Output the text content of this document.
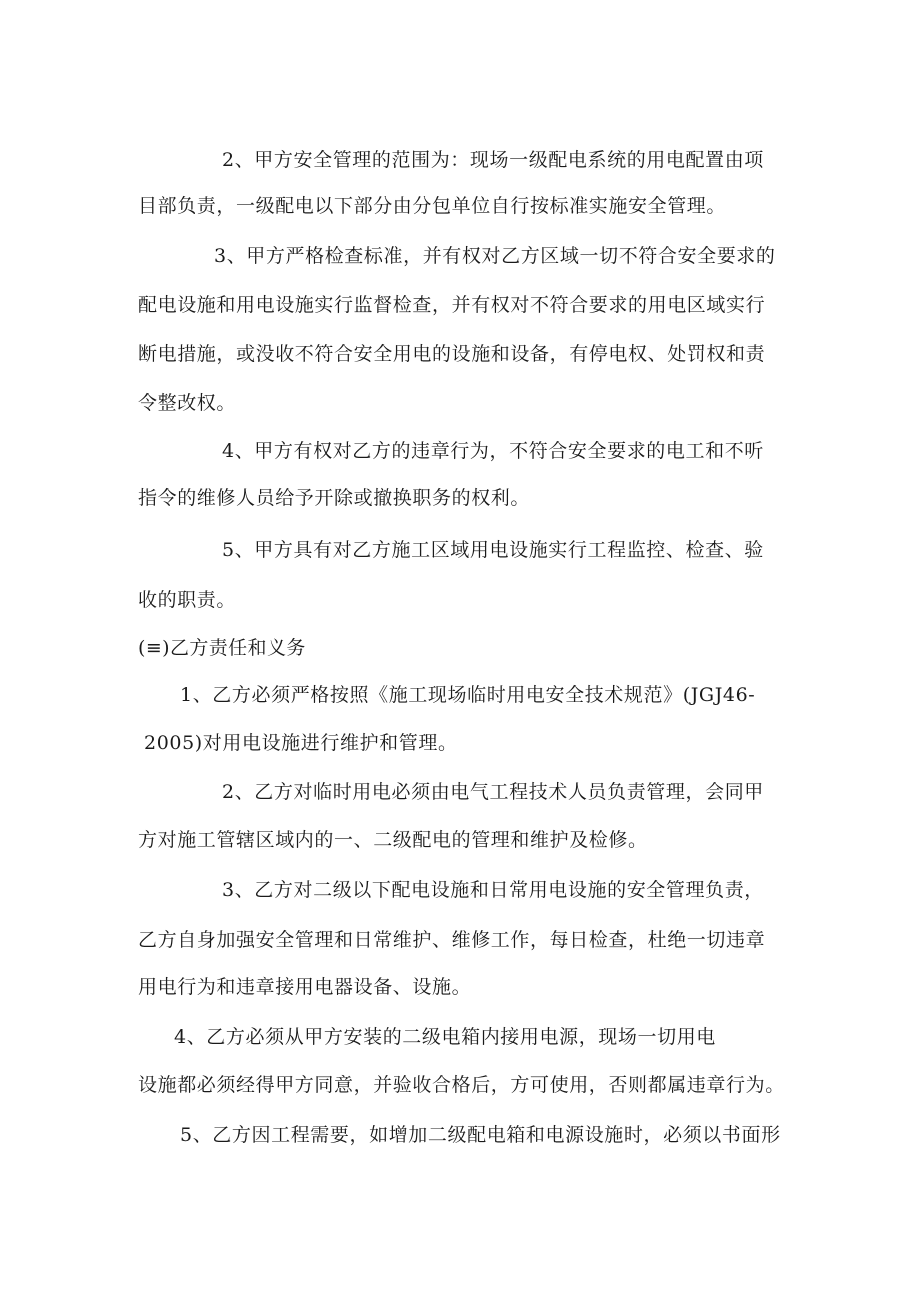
2、甲方安全管理的范围为：现场一级配电系统的用电配置由项
目部负责，一级配电以下部分由分包单位自行按标准实施安全管理。
3、甲方严格检查标准，并有权对乙方区域一切不符合安全要求的
配电设施和用电设施实行监督检查，并有权对不符合要求的用电区域实行
断电措施，或没收不符合安全用电的设施和设备，有停电权、处罚权和责
令整改权。
4、甲方有权对乙方的违章行为，不符合安全要求的电工和不听
指令的维修人员给予开除或撤换职务的权利。
5、甲方具有对乙方施工区域用电设施实行工程监控、检查、验
收的职责。
(≡)乙方责任和义务
1、乙方必须严格按照《施工现场临时用电安全技术规范》(JGJ46-
2005)对用电设施进行维护和管理。
2、乙方对临时用电必须由电气工程技术人员负责管理，会同甲
方对施工管辖区域内的一、二级配电的管理和维护及检修。
3、乙方对二级以下配电设施和日常用电设施的安全管理负责，
乙方自身加强安全管理和日常维护、维修工作，每日检查，杜绝一切违章
用电行为和违章接用电器设备、设施。
4、乙方必须从甲方安装的二级电箱内接用电源，现场一切用电
设施都必须经得甲方同意，并验收合格后，方可使用，否则都属违章行为。
5、乙方因工程需要，如增加二级配电箱和电源设施时，必须以书面形
